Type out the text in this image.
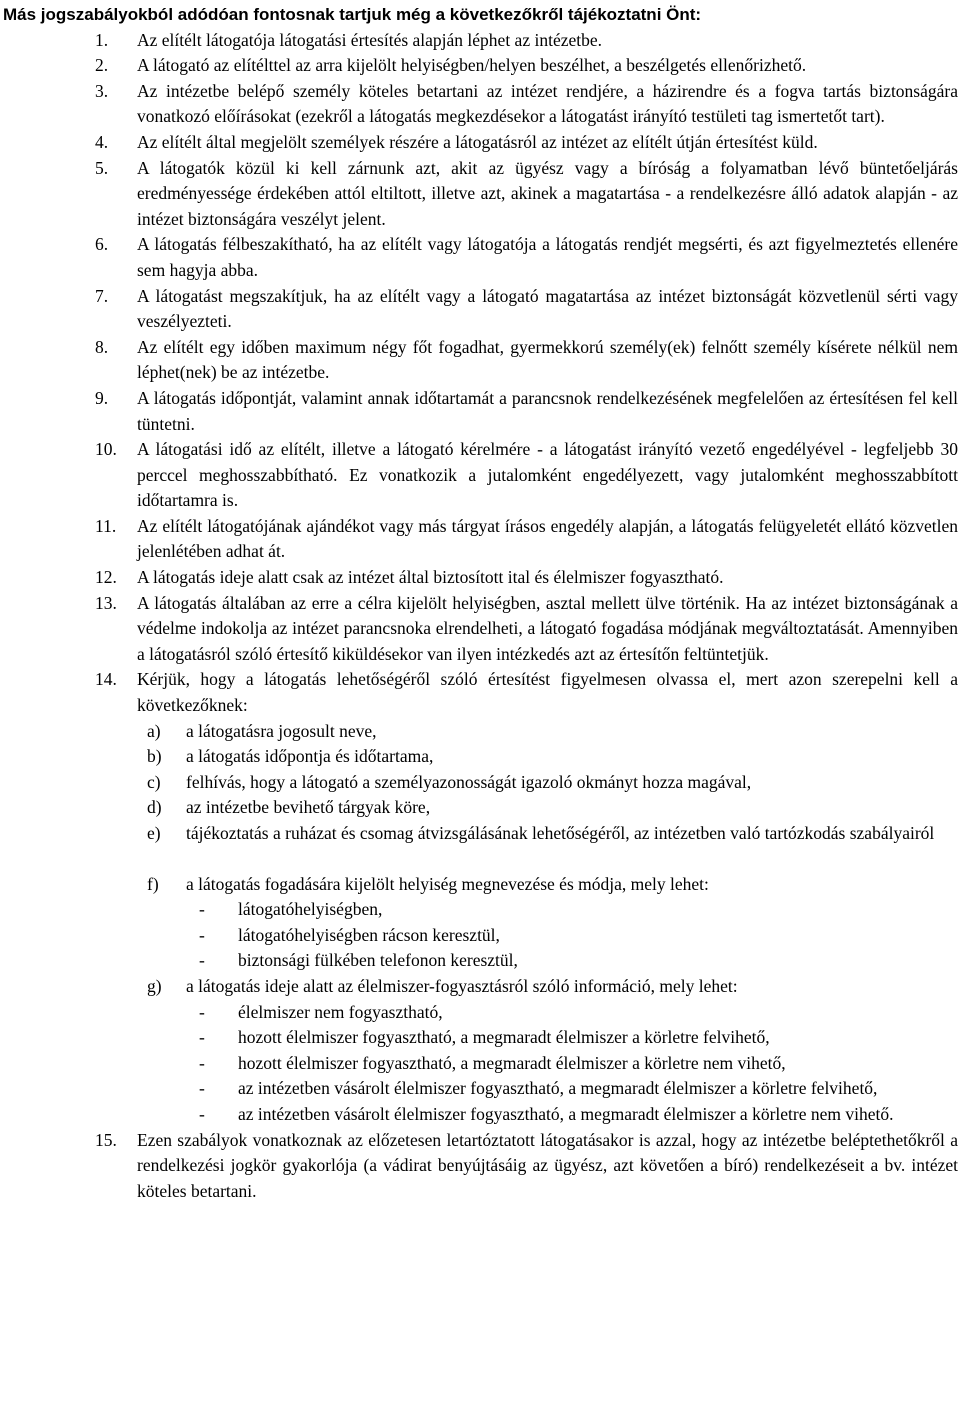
Más jogszabályokból adódóan fontosnak tartjuk még a következőkről tájékoztatni Önt:
1. Az elítélt látogatója látogatási értesítés alapján léphet az intézetbe.
2. A látogató az elítélttel az arra kijelölt helyiségben/helyen beszélhet, a beszélgetés ellenőrizhető.
3. Az intézetbe belépő személy köteles betartani az intézet rendjére, a házirendre és a fogva tartás biztonságára vonatkozó előírásokat (ezekről a látogatás megkezdésekor a látogatást irányító testületi tag ismertetőt tart).
4. Az elítélt által megjelölt személyek részére a látogatásról az intézet az elítélt útján értesítést küld.
5. A látogatók közül ki kell zárnunk azt, akit az ügyész vagy a bíróság a folyamatban lévő büntetőeljárás eredményessége érdekében attól eltiltott, illetve azt, akinek a magatartása - a rendelkezésre álló adatok alapján - az intézet biztonságára veszélyt jelent.
6. A látogatás félbeszakítható, ha az elítélt vagy látogatója a látogatás rendjét megsérti, és azt figyelmeztetés ellenére sem hagyja abba.
7. A látogatást megszakítjuk, ha az elítélt vagy a látogató magatartása az intézet biztonságát közvetlenül sérti vagy veszélyezteti.
8. Az elítélt egy időben maximum négy főt fogadhat, gyermekkorú személy(ek) felnőtt személy kísérete nélkül nem léphet(nek) be az intézetbe.
9. A látogatás időpontját, valamint annak időtartamát a parancsnok rendelkezésének megfelelően az értesítésen fel kell tüntetni.
10. A látogatási idő az elítélt, illetve a látogató kérelmére - a látogatást irányító vezető engedélyével - legfeljebb 30 perccel meghosszabbítható. Ez vonatkozik a jutalomként engedélyezett, vagy jutalomként meghosszabbított időtartamra is.
11. Az elítélt látogatójának ajándékot vagy más tárgyat írásos engedély alapján, a látogatás felügyeletét ellátó közvetlen jelenlétében adhat át.
12. A látogatás ideje alatt csak az intézet által biztosított ital és élelmiszer fogyasztható.
13. A látogatás általában az erre a célra kijelölt helyiségben, asztal mellett ülve történik. Ha az intézet biztonságának a védelme indokolja az intézet parancsnoka elrendelheti, a látogató fogadása módjának megváltoztatását. Amennyiben a látogatásról szóló értesítő kiküldésekor van ilyen intézkedés azt az értesítőn feltüntetjük.
14. Kérjük, hogy a látogatás lehetőségéről szóló értesítést figyelmesen olvassa el, mert azon szerepelni kell a következőknek:
a) a látogatásra jogosult neve,
b) a látogatás időpontja és időtartama,
c) felhívás, hogy a látogató a személyazonosságát igazoló okmányt hozza magával,
d) az intézetbe bevihető tárgyak köre,
e) tájékoztatás a ruházat és csomag átvizsgálásának lehetőségéről, az intézetben való tartózkodás szabályairól
f) a látogatás fogadására kijelölt helyiség megnevezése és módja, mely lehet:
- látogatóhelyiségben,
- látogatóhelyiségben rácson keresztül,
- biztonsági fülkében telefonon keresztül,
g) a látogatás ideje alatt az élelmiszer-fogyasztásról szóló információ, mely lehet:
- élelmiszer nem fogyasztható,
- hozott élelmiszer fogyasztható, a megmaradt élelmiszer a körletre felvihető,
- hozott élelmiszer fogyasztható, a megmaradt élelmiszer a körletre nem vihető,
- az intézetben vásárolt élelmiszer fogyasztható, a megmaradt élelmiszer a körletre felvihető,
- az intézetben vásárolt élelmiszer fogyasztható, a megmaradt élelmiszer a körletre nem vihető.
15. Ezen szabályok vonatkoznak az előzetesen letartóztatott látogatásakor is azzal, hogy az intézetbe beléptethetőkről a rendelkezési jogkör gyakorlója (a vádirat benyújtásáig az ügyész, azt követően a bíró) rendelkezéseit a bv. intézet köteles betartani.
